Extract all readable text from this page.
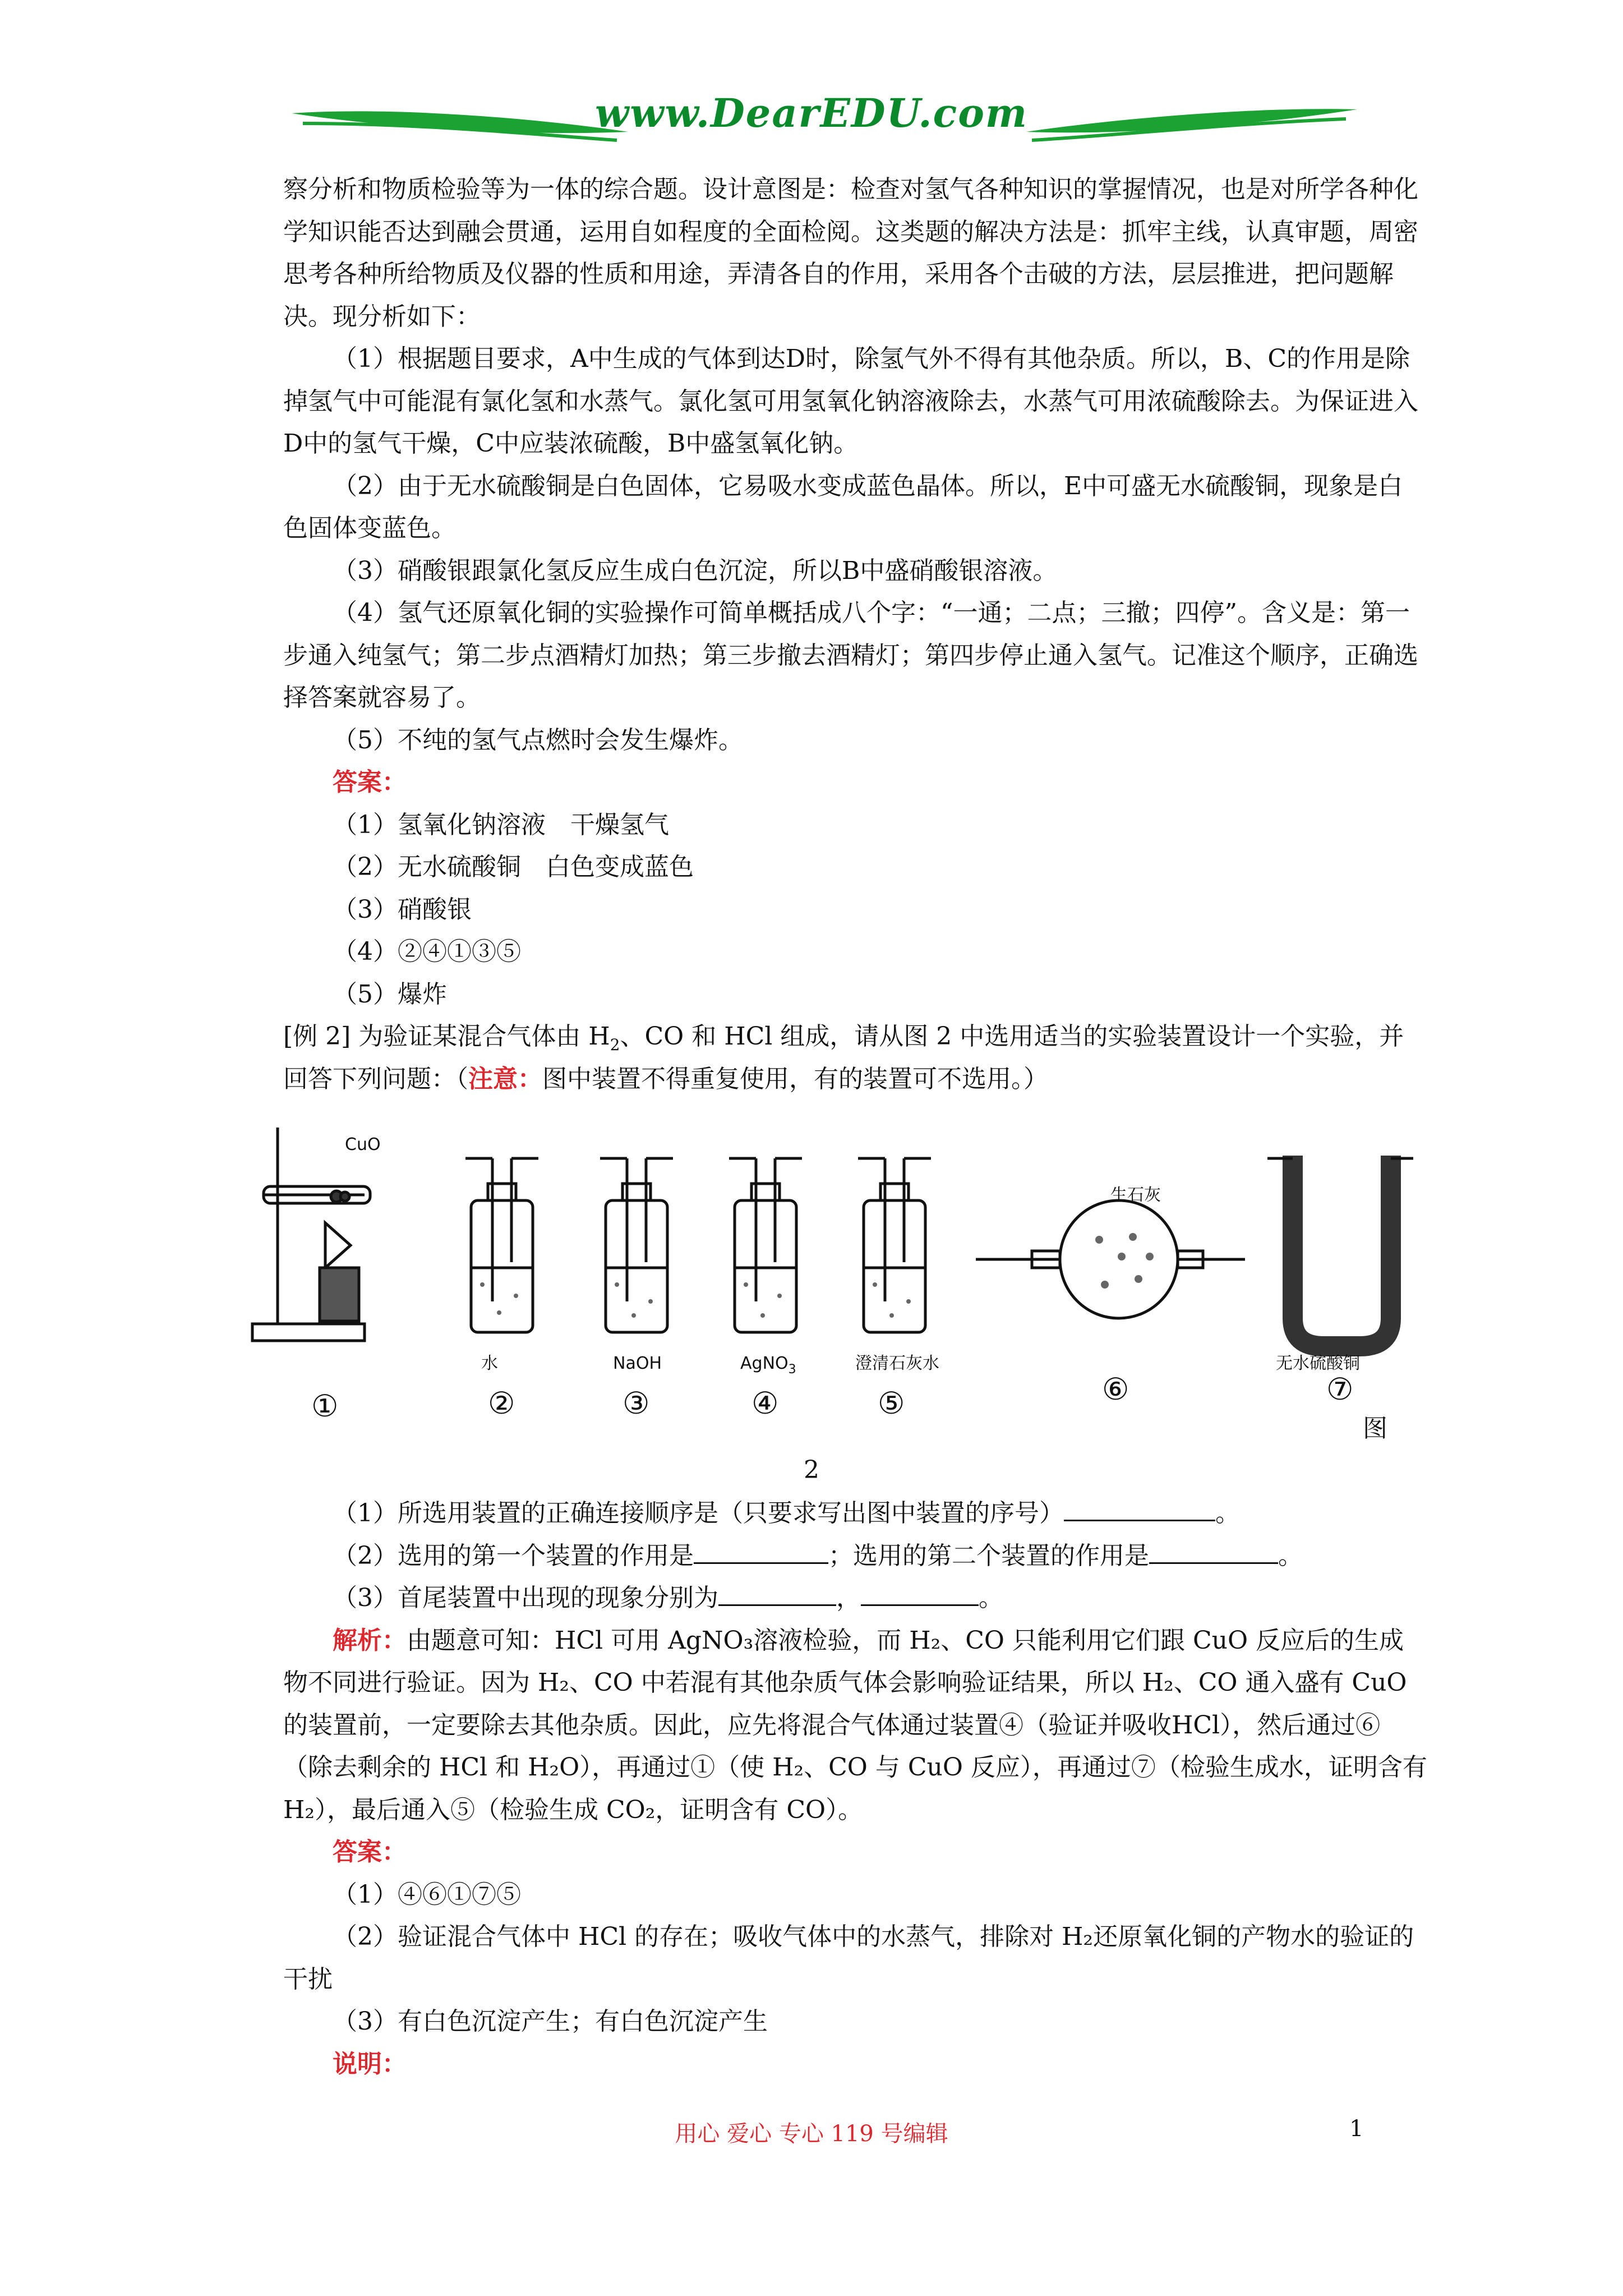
www.DearEDU.com

察分析和物质检验等为一体的综合题。设计意图是：检查对氢气各种知识的掌握情况，也是对所学各种化学知识能否达到融会贯通，运用自如程度的全面检阅。这类题的解决方法是：抓牢主线，认真审题，周密思考各种所给物质及仪器的性质和用途，弄清各自的作用，采用各个击破的方法，层层推进，把问题解决。现分析如下：

（1）根据题目要求，A中生成的气体到达D时，除氢气外不得有其他杂质。所以，B、C的作用是除掉氢气中可能混有氯化氢和水蒸气。氯化氢可用氢氧化钠溶液除去，水蒸气可用浓硫酸除去。为保证进入D中的氢气干燥，C中应装浓硫酸，B中盛氢氧化钠。

（2）由于无水硫酸铜是白色固体，它易吸水变成蓝色晶体。所以，E中可盛无水硫酸铜，现象是白色固体变蓝色。

（3）硝酸银跟氯化氢反应生成白色沉淀，所以B中盛硝酸银溶液。

（4）氢气还原氧化铜的实验操作可简单概括成八个字：“一通；二点；三撤；四停”。含义是：第一步通入纯氢气；第二步点酒精灯加热；第三步撤去酒精灯；第四步停止通入氢气。记准这个顺序，正确选择答案就容易了。

（5）不纯的氢气点燃时会发生爆炸。

答案：

（1）氢氧化钠溶液　干燥氢气

（2）无水硫酸铜　白色变成蓝色

（3）硝酸银

（4）②④①③⑤

（5）爆炸

[例 2] 为验证某混合气体由 $H_2$、CO 和 HCl 组成，请从图 2 中选用适当的实验装置设计一个实验，并回答下列问题：（注意：图中装置不得重复使用，有的装置可不选用。）

CuO
水	NaOH	AgNO$_3$	澄清石灰水
生石灰
无水硫酸铜
①	②	③	④	⑤	⑥	⑦
图
2

（1）所选用装置的正确连接顺序是（只要求写出图中装置的序号）	。

（2）选用的第一个装置的作用是	；选用的第二个装置的作用是	。

（3）首尾装置中出现的现象分别为	，	。

解析：由题意可知：HCl 可用 AgNO₃溶液检验，而 H₂、CO 只能利用它们跟 CuO 反应后的生成物不同进行验证。因为 H₂、CO 中若混有其他杂质气体会影响验证结果，所以 H₂、CO 通入盛有 CuO 的装置前，一定要除去其他杂质。因此，应先将混合气体通过装置④（验证并吸收HCl），然后通过⑥（除去剩余的 HCl 和 H₂O），再通过①（使 H₂、CO 与 CuO 反应），再通过⑦（检验生成水，证明含有 H₂），最后通入⑤（检验生成 CO₂，证明含有 CO）。

答案：

（1）④⑥①⑦⑤

（2）验证混合气体中 HCl 的存在；吸收气体中的水蒸气，排除对 H₂还原氧化铜的产物水的验证的干扰

（3）有白色沉淀产生；有白色沉淀产生

说明：

用心 爱心 专心 119 号编辑	1
